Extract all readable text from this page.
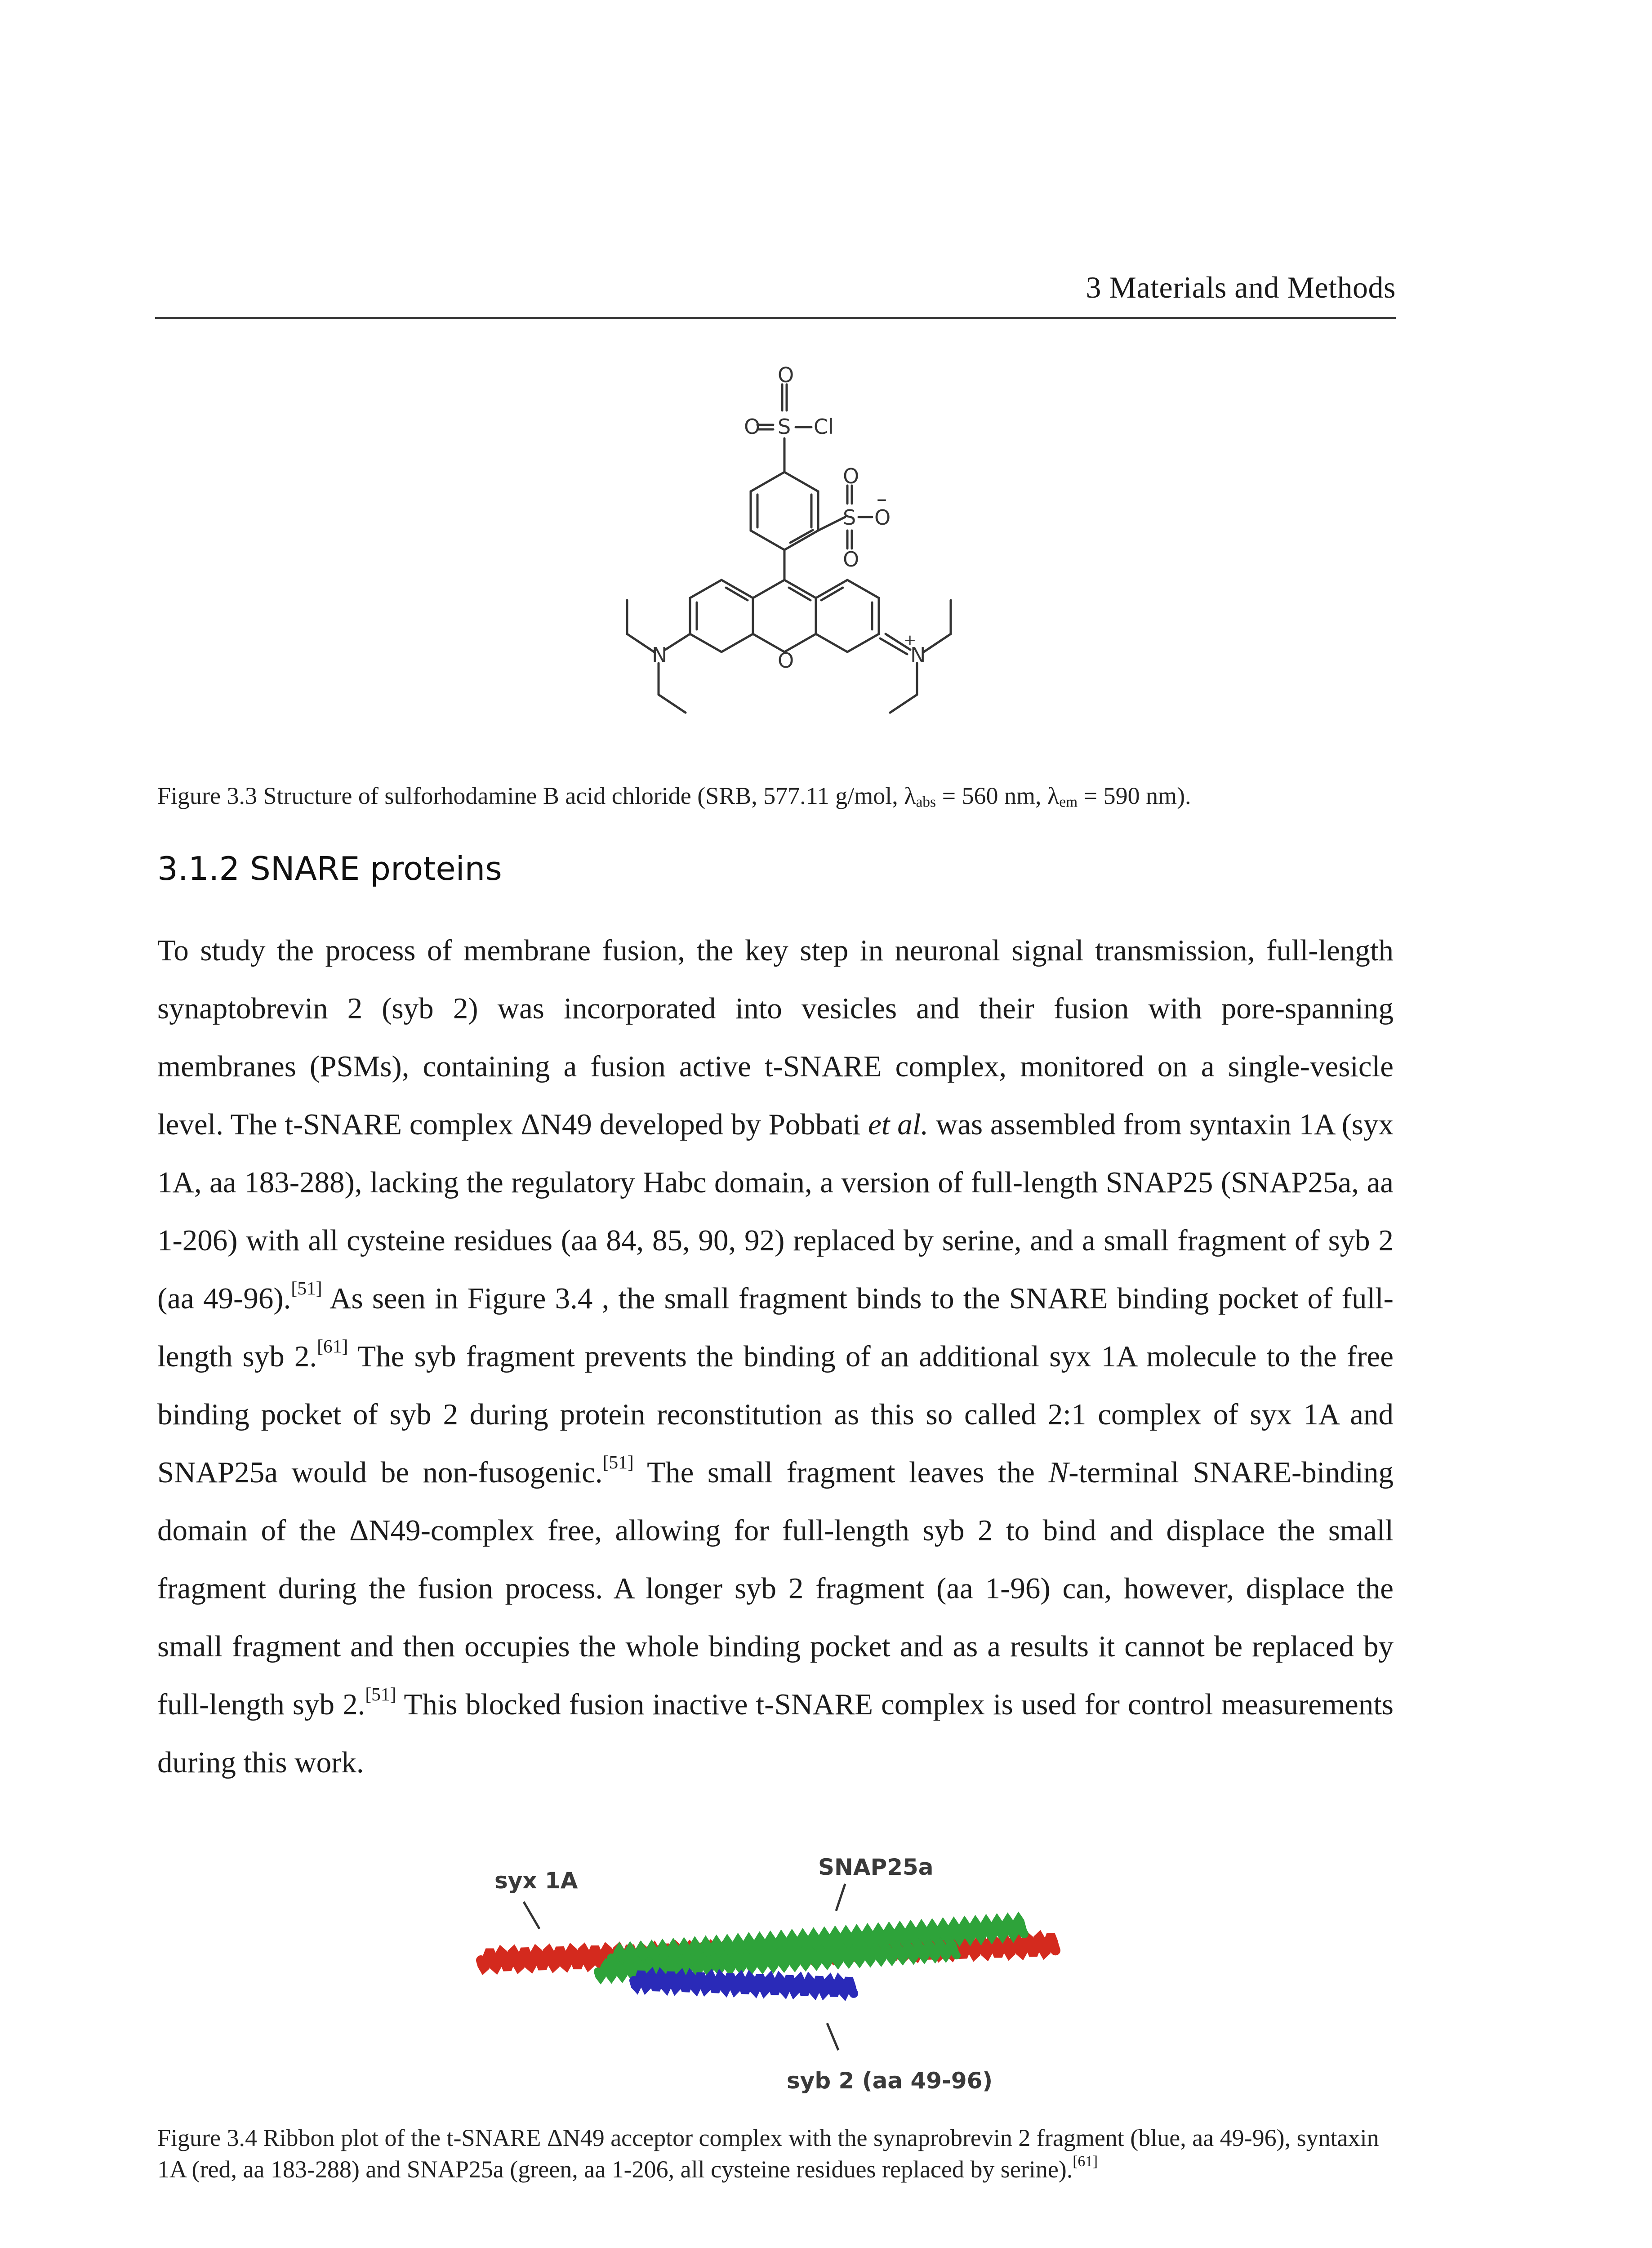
3 Materials and Methods
O
O S Cl
O
S O
–
O
O
N	N
+
Figure 3.3 Structure of sulforhodamine B acid chloride (SRB, 577.11 g/mol, $\lambda_{abs} = 560$ nm, $\lambda_{em} = 590$ nm).
3.1.2 SNARE proteins

To study the process of membrane fusion, the key step in neuronal signal transmission, full-length synaptobrevin 2 (syb 2) was incorporated into vesicles and their fusion with pore-spanning membranes (PSMs), containing a fusion active t-SNARE complex, monitored on a single-vesicle level. The t-SNARE complex ΔN49 developed by Pobbati et al. was assembled from syntaxin 1A (syx 1A, aa 183-288), lacking the regulatory Habc domain, a version of full-length SNAP25 (SNAP25a, aa 1-206) with all cysteine residues (aa 84, 85, 90, 92) replaced by serine, and a small fragment of syb 2 (aa 49-96).[51] As seen in Figure 3.4 , the small fragment binds to the SNARE binding pocket of full-length syb 2.[61] The syb fragment prevents the binding of an additional syx 1A molecule to the free binding pocket of syb 2 during protein reconstitution as this so called 2:1 complex of syx 1A and SNAP25a would be non-fusogenic.[51] The small fragment leaves the N-terminal SNARE-binding domain of the ΔN49-complex free, allowing for full-length syb 2 to bind and displace the small fragment during the fusion process. A longer syb 2 fragment (aa 1-96) can, however, displace the small fragment and then occupies the whole binding pocket and as a results it cannot be replaced by full-length syb 2.[51] This blocked fusion inactive t-SNARE complex is used for control measurements during this work.

syx 1A
SNAP25a
syb 2 (aa 49-96)
Figure 3.4 Ribbon plot of the t-SNARE ΔN49 acceptor complex with the synaprobrevin 2 fragment (blue, aa 49-96), syntaxin 1A (red, aa 183-288) and SNAP25a (green, aa 1-206, all cysteine residues replaced by serine).[61]
